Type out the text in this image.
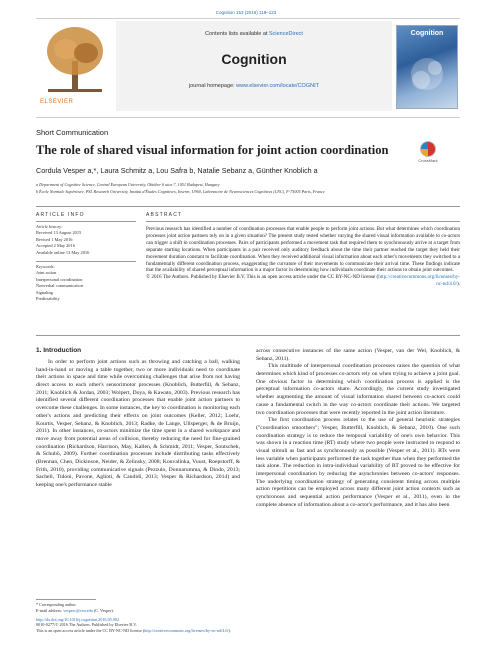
Cognition 153 (2016) 118–123
ELSEVIER
Contents lists available at ScienceDirect
Cognition
journal homepage: www.elsevier.com/locate/COGNIT
Cognition
Short Communication
The role of shared visual information for joint action coordination
CrossMark
Cordula Vesper a,*, Laura Schmitz a, Lou Safra b, Natalie Sebanz a, Günther Knoblich a
a Department of Cognitive Science, Central European University, Október 6 utca 7, 1051 Budapest, Hungary
b École Normale Supérieure, PSL Research University, Institut d'Études Cognitives, Inserm, U960, Laboratoire de Neurosciences Cognitives (LNC), F-75005 Paris, France
ARTICLE INFO
Article history:
Received 13 August 2015
Revised 1 May 2016
Accepted 2 May 2016
Available online 13 May 2016
Keywords:
Joint action
Interpersonal coordination
Nonverbal communication
Signaling
Predictability
ABSTRACT
Previous research has identified a number of coordination processes that enable people to perform joint actions. But what determines which coordination processes joint action partners rely on in a given situation? The present study tested whether varying the shared visual information available to co-actors can trigger a shift in coordination processes. Pairs of participants performed a movement task that required them to synchronously arrive at a target from separate starting locations. When participants in a pair received only auditory feedback about the time their partner reached the target they held their movement duration constant to facilitate coordination. When they received additional visual information about each other's movements they switched to a fundamentally different coordination process, exaggerating the curvature of their movements to communicate their arrival time. These findings indicate that the availability of shared perceptual information is a major factor in determining how individuals coordinate their actions to obtain joint outcomes.
© 2016 The Authors. Published by Elsevier B.V. This is an open access article under the CC BY-NC-ND license (http://creativecommons.org/licenses/by-nc-nd/4.0/).
1. Introduction

In order to perform joint actions such as throwing and catching a ball, walking hand-in-hand or moving a table together, two or more individuals need to coordinate their actions in space and time while overcoming challenges that arise from not having direct access to each other's sensorimotor processes (Knoblich, Butterfill, & Sebanz, 2011; Knoblich & Jordan, 2003; Wolpert, Doya, & Kawato, 2003). Previous research has identified several different coordination processes that enable joint action partners to overcome these challenges. In some instances, the key to coordination is monitoring each other's actions and predicting their effects on joint outcomes (Keller, 2012; Loehr, Kourtis, Vesper, Sebanz, & Knoblich, 2013; Radke, de Lange, Ullsperger, & de Bruijn, 2011). In other instances, co-actors minimize the time spent in a shared workspace and move away from potential areas of collision, thereby reducing the need for fine-grained coordination (Richardson, Harrison, May, Kallen, & Schmidt, 2011; Vesper, Soutschek, & Schubö, 2009). Further coordination processes include distributing tasks effectively (Brennan, Chen, Dickinson, Neider, & Zelinsky, 2008; Konvalinka, Vuust, Roepstorff, & Frith, 2010), providing communicative signals (Pezzulo, Donnarumma, & Dindo, 2013; Sacheli, Tidoni, Pavone, Aglioti, & Candidi, 2013; Vesper & Richardson, 2014) and keeping one's performance stable

across consecutive instances of the same action (Vesper, van der Wel, Knoblich, & Sebanz, 2011).

This multitude of interpersonal coordination processes raises the question of what determines which kind of processes co-actors rely on when trying to achieve a joint goal. One obvious factor in determining which coordination process is applied is the perceptual information co-actors share. Accordingly, the current study investigated whether augmenting the amount of visual information shared between co-actors could cause a fundamental switch in the way co-actors coordinate their actions. We targeted two coordination processes that were recently reported in the joint action literature.

The first coordination process relates to the use of general heuristic strategies ("coordination smoothers"; Vesper, Butterfill, Knoblich, & Sebanz, 2010). One such coordination strategy is to reduce the temporal variability of one's own behavior. This was shown in a reaction time (RT) study where two people were instructed to respond to visual stimuli as fast and as synchronously as possible (Vesper et al., 2011). RTs were less variable when participants performed the task together than when they performed the task alone. The reduction in intra-individual variability of RT proved to be effective for interpersonal coordination by reducing the asynchronies between co-actors' responses. The underlying coordination strategy of generating consistent timing across multiple action repetitions can be employed across many different joint action contexts such as synchronous and sequential action performance (Vesper et al., 2011), even in the complete absence of information about a co-actor's performance, and it has also been

* Corresponding author.
E-mail address: vesperc@ceu.edu (C. Vesper).
http://dx.doi.org/10.1016/j.cognition.2016.05.002
0010-0277/© 2016 The Authors. Published by Elsevier B.V.
This is an open access article under the CC BY-NC-ND license (http://creativecommons.org/licenses/by-nc-nd/4.0/).
